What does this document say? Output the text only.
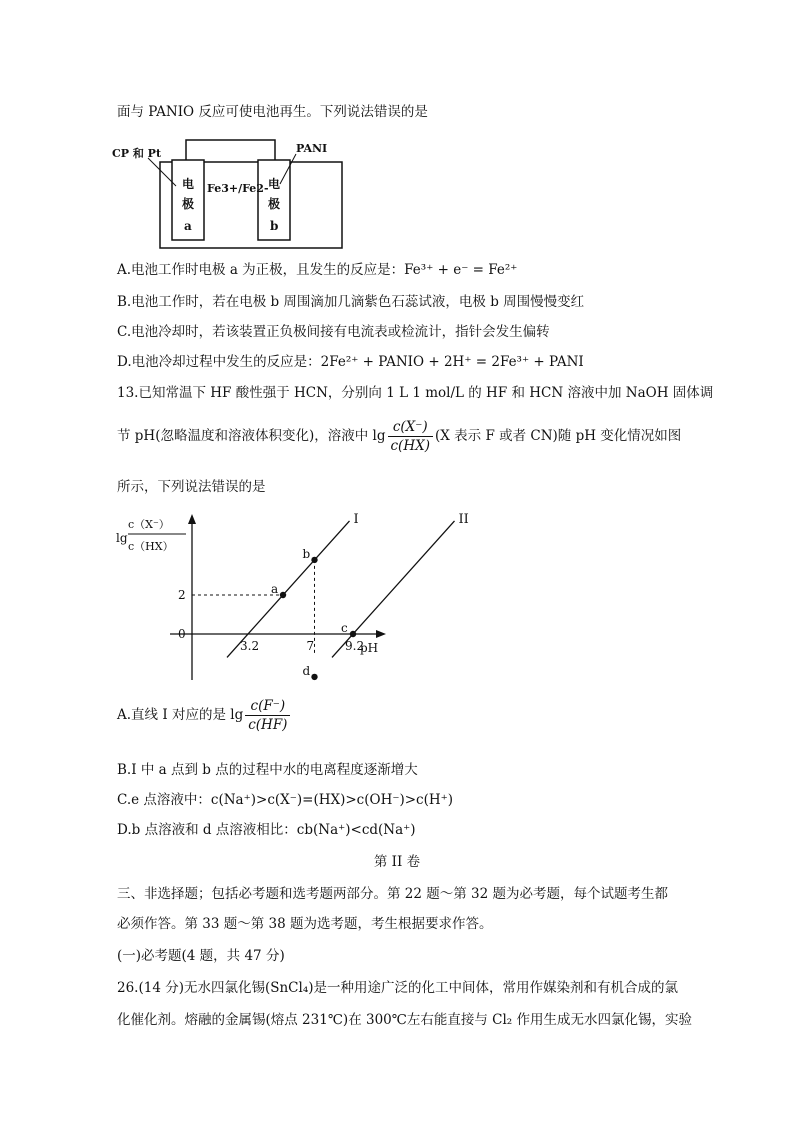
面与 PANIO 反应可使电池再生。下列说法错误的是
CP 和 Pt	PANI
电
极
a
电
极
b
Fe3+/Fe2-
A.电池工作时电极 a 为正极，且发生的反应是：Fe³⁺ + e⁻ = Fe²⁺
B.电池工作时，若在电极 b 周围滴加几滴紫色石蕊试液，电极 b 周围慢慢变红
C.电池冷却时，若该装置正负极间接有电流表或检流计，指针会发生偏转
D.电池冷却过程中发生的反应是：2Fe²⁺ + PANIO + 2H⁺ = 2Fe³⁺ + PANI
13.已知常温下 HF 酸性强于 HCN，分别向 1 L 1 mol/L 的 HF 和 HCN 溶液中加 NaOH 固体调
节 pH(忽略温度和溶液体积变化)，溶液中 $\lg \frac{c(X^-)}{c(HX)} (X$ 表示 F 或者 CN)随 pH 变化情况如图
所示，下列说法错误的是
lg
c（X⁻）
c（HX）
pH
0
2
3.2	7	9.2
I
a
b
II
c
d
A.直线 I 对应的是 $\lg \frac{c(F^-)}{c(HF)}$
B.I 中 a 点到 b 点的过程中水的电离程度逐渐增大
C.e 点溶液中：c(Na⁺)>c(X⁻)=(HX)>c(OH⁻)>c(H⁺)
D.b 点溶液和 d 点溶液相比：cb(Na⁺)<cd(Na⁺)
第 II 卷
三、非选择题；包括必考题和选考题两部分。第 22 题～第 32 题为必考题，每个试题考生都
必须作答。第 33 题～第 38 题为选考题，考生根据要求作答。
(一)必考题(4 题，共 47 分)
26.(14 分)无水四氯化锡(SnCl₄)是一种用途广泛的化工中间体，常用作媒染剂和有机合成的氯
化催化剂。熔融的金属锡(熔点 231℃)在 300℃左右能直接与 Cl₂ 作用生成无水四氯化锡，实验
